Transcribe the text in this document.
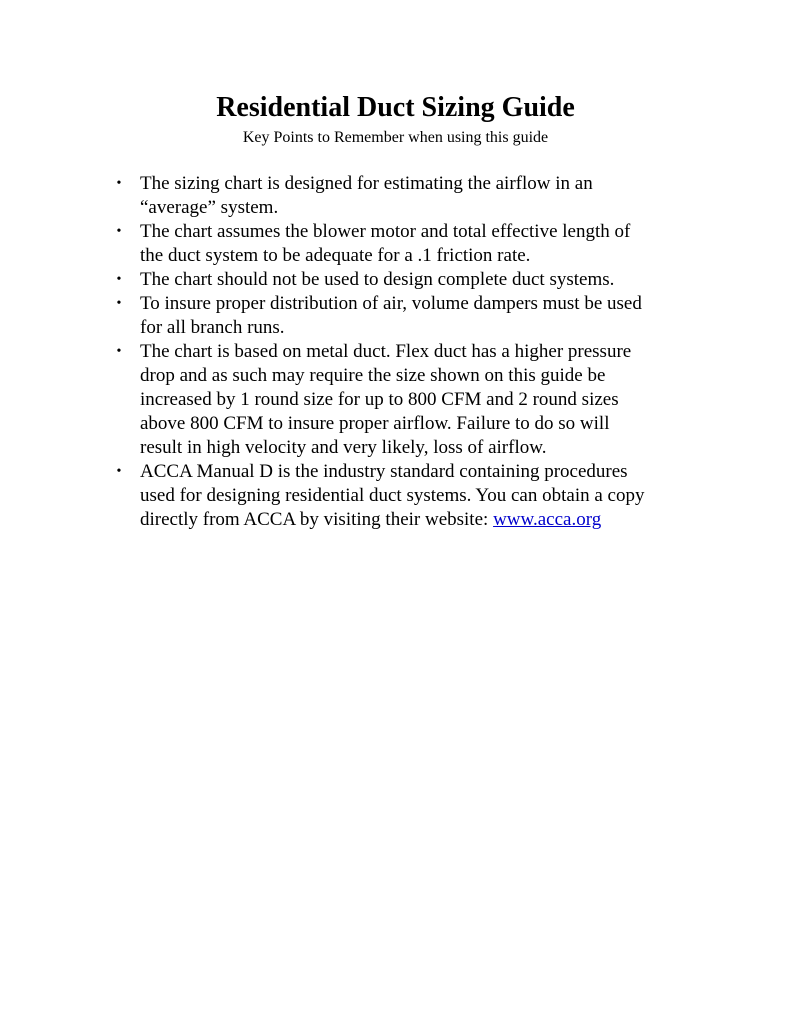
Residential Duct Sizing Guide

Key Points to Remember when using this guide

• The sizing chart is designed for estimating the airflow in an
“average” system.
• The chart assumes the blower motor and total effective length of
the duct system to be adequate for a .1 friction rate.
• The chart should not be used to design complete duct systems.
• To insure proper distribution of air, volume dampers must be used
for all branch runs.
• The chart is based on metal duct. Flex duct has a higher pressure
drop and as such may require the size shown on this guide be
increased by 1 round size for up to 800 CFM and 2 round sizes
above 800 CFM to insure proper airflow. Failure to do so will
result in high velocity and very likely, loss of airflow.
• ACCA Manual D is the industry standard containing procedures
used for designing residential duct systems. You can obtain a copy
directly from ACCA by visiting their website: www.acca.org
